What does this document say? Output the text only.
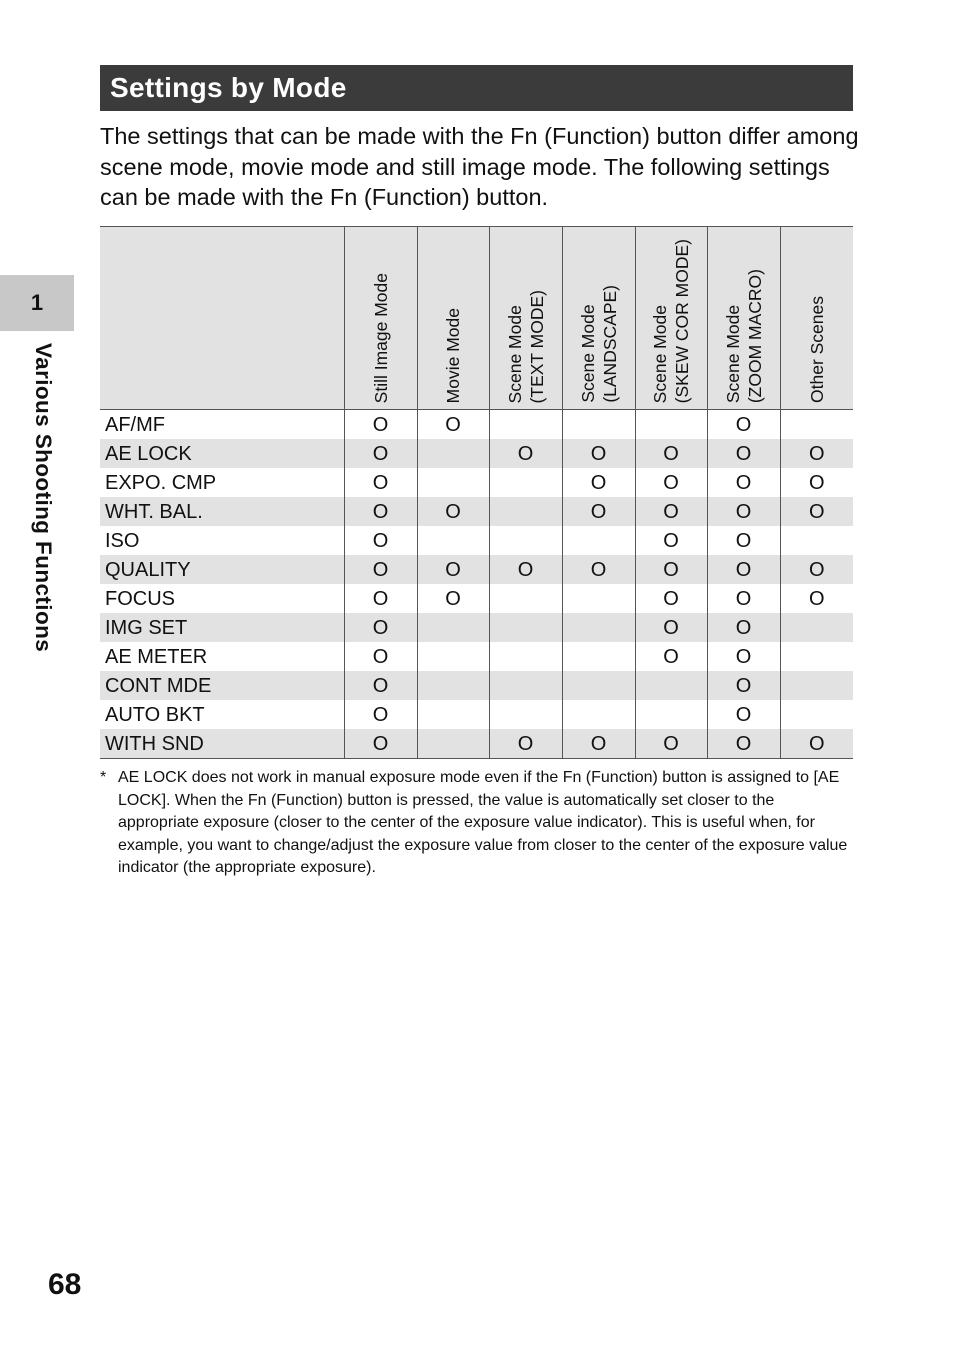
1
Various Shooting Functions
Settings by Mode

The settings that can be made with the Fn (Function) button differ among scene mode, movie mode and still image mode. The following settings can be made with the Fn (Function) button.

	Still Image Mode	Movie Mode	Scene Mode (TEXT MODE)	Scene Mode (LANDSCAPE)	Scene Mode (SKEW COR MODE)	Scene Mode (ZOOM MACRO)	Other Scenes

AF/MF	O	O				O	
AE LOCK	O		O	O	O	O	O
EXPO. CMP	O			O	O	O	O
WHT. BAL.	O	O		O	O	O	O
ISO	O				O	O	
QUALITY	O	O	O	O	O	O	O
FOCUS	O	O			O	O	O
IMG SET	O				O	O	
AE METER	O				O	O	
CONT MDE	O					O	
AUTO BKT	O					O	
WITH SND	O		O	O	O	O	O
* AE LOCK does not work in manual exposure mode even if the Fn (Function) button is assigned to [AE LOCK]. When the Fn (Function) button is pressed, the value is automatically set closer to the appropriate exposure (closer to the center of the exposure value indicator). This is useful when, for example, you want to change/adjust the exposure value from closer to the center of the exposure value indicator (the appropriate exposure).
68
